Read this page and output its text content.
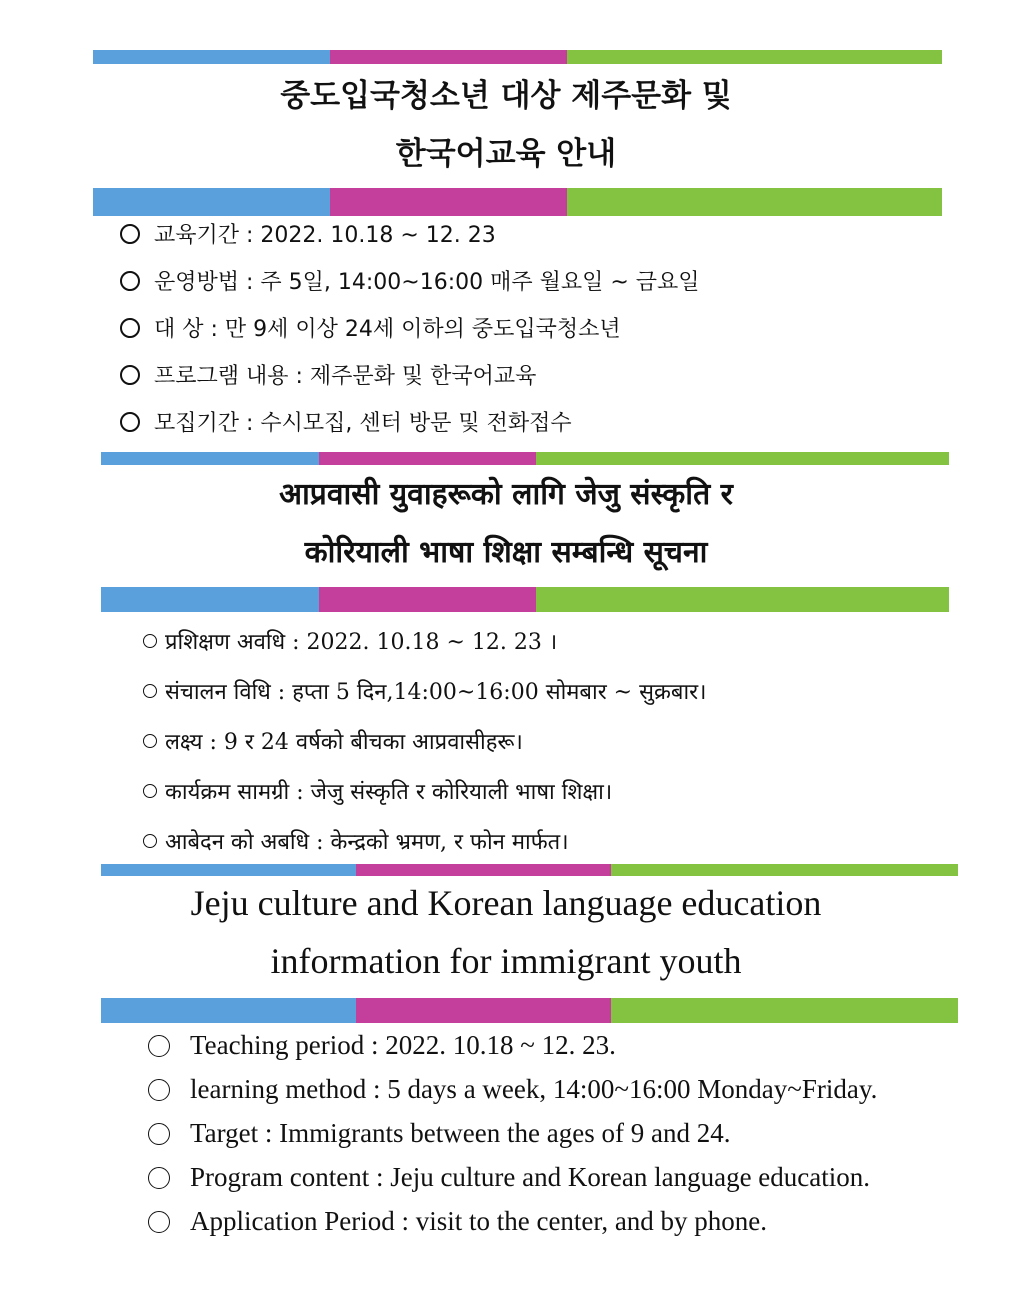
중도입국청소년 대상 제주문화 및
한국어교육 안내
교육기간 : 2022. 10.18 ~ 12. 23
운영방법 : 주 5일, 14:00~16:00 매주 월요일 ~ 금요일
대 상 : 만 9세 이상 24세 이하의 중도입국청소년
프로그램 내용 : 제주문화 및 한국어교육
모집기간 : 수시모집, 센터 방문 및 전화접수
आप्रवासी युवाहरूको लागि जेजु संस्कृति र
कोरियाली भाषा शिक्षा सम्बन्धि सूचना
प्रशिक्षण अवधि : 2022. 10.18 ~ 12. 23 ।
संचालन विधि : हप्ता 5 दिन,14:00~16:00 सोमबार ~ सुक्रबार।
लक्ष्य : 9 र 24 वर्षको बीचका आप्रवासीहरू।
कार्यक्रम सामग्री : जेजु संस्कृति र कोरियाली भाषा शिक्षा।
आबेदन को अबधि : केन्द्रको भ्रमण, र फोन मार्फत।
Jeju culture and Korean language education
information for immigrant youth
Teaching period : 2022. 10.18 ~ 12. 23.
learning method : 5 days a week, 14:00~16:00 Monday~Friday.
Target : Immigrants between the ages of 9 and 24.
Program content : Jeju culture and Korean language education.
Application Period : visit to the center, and by phone.
